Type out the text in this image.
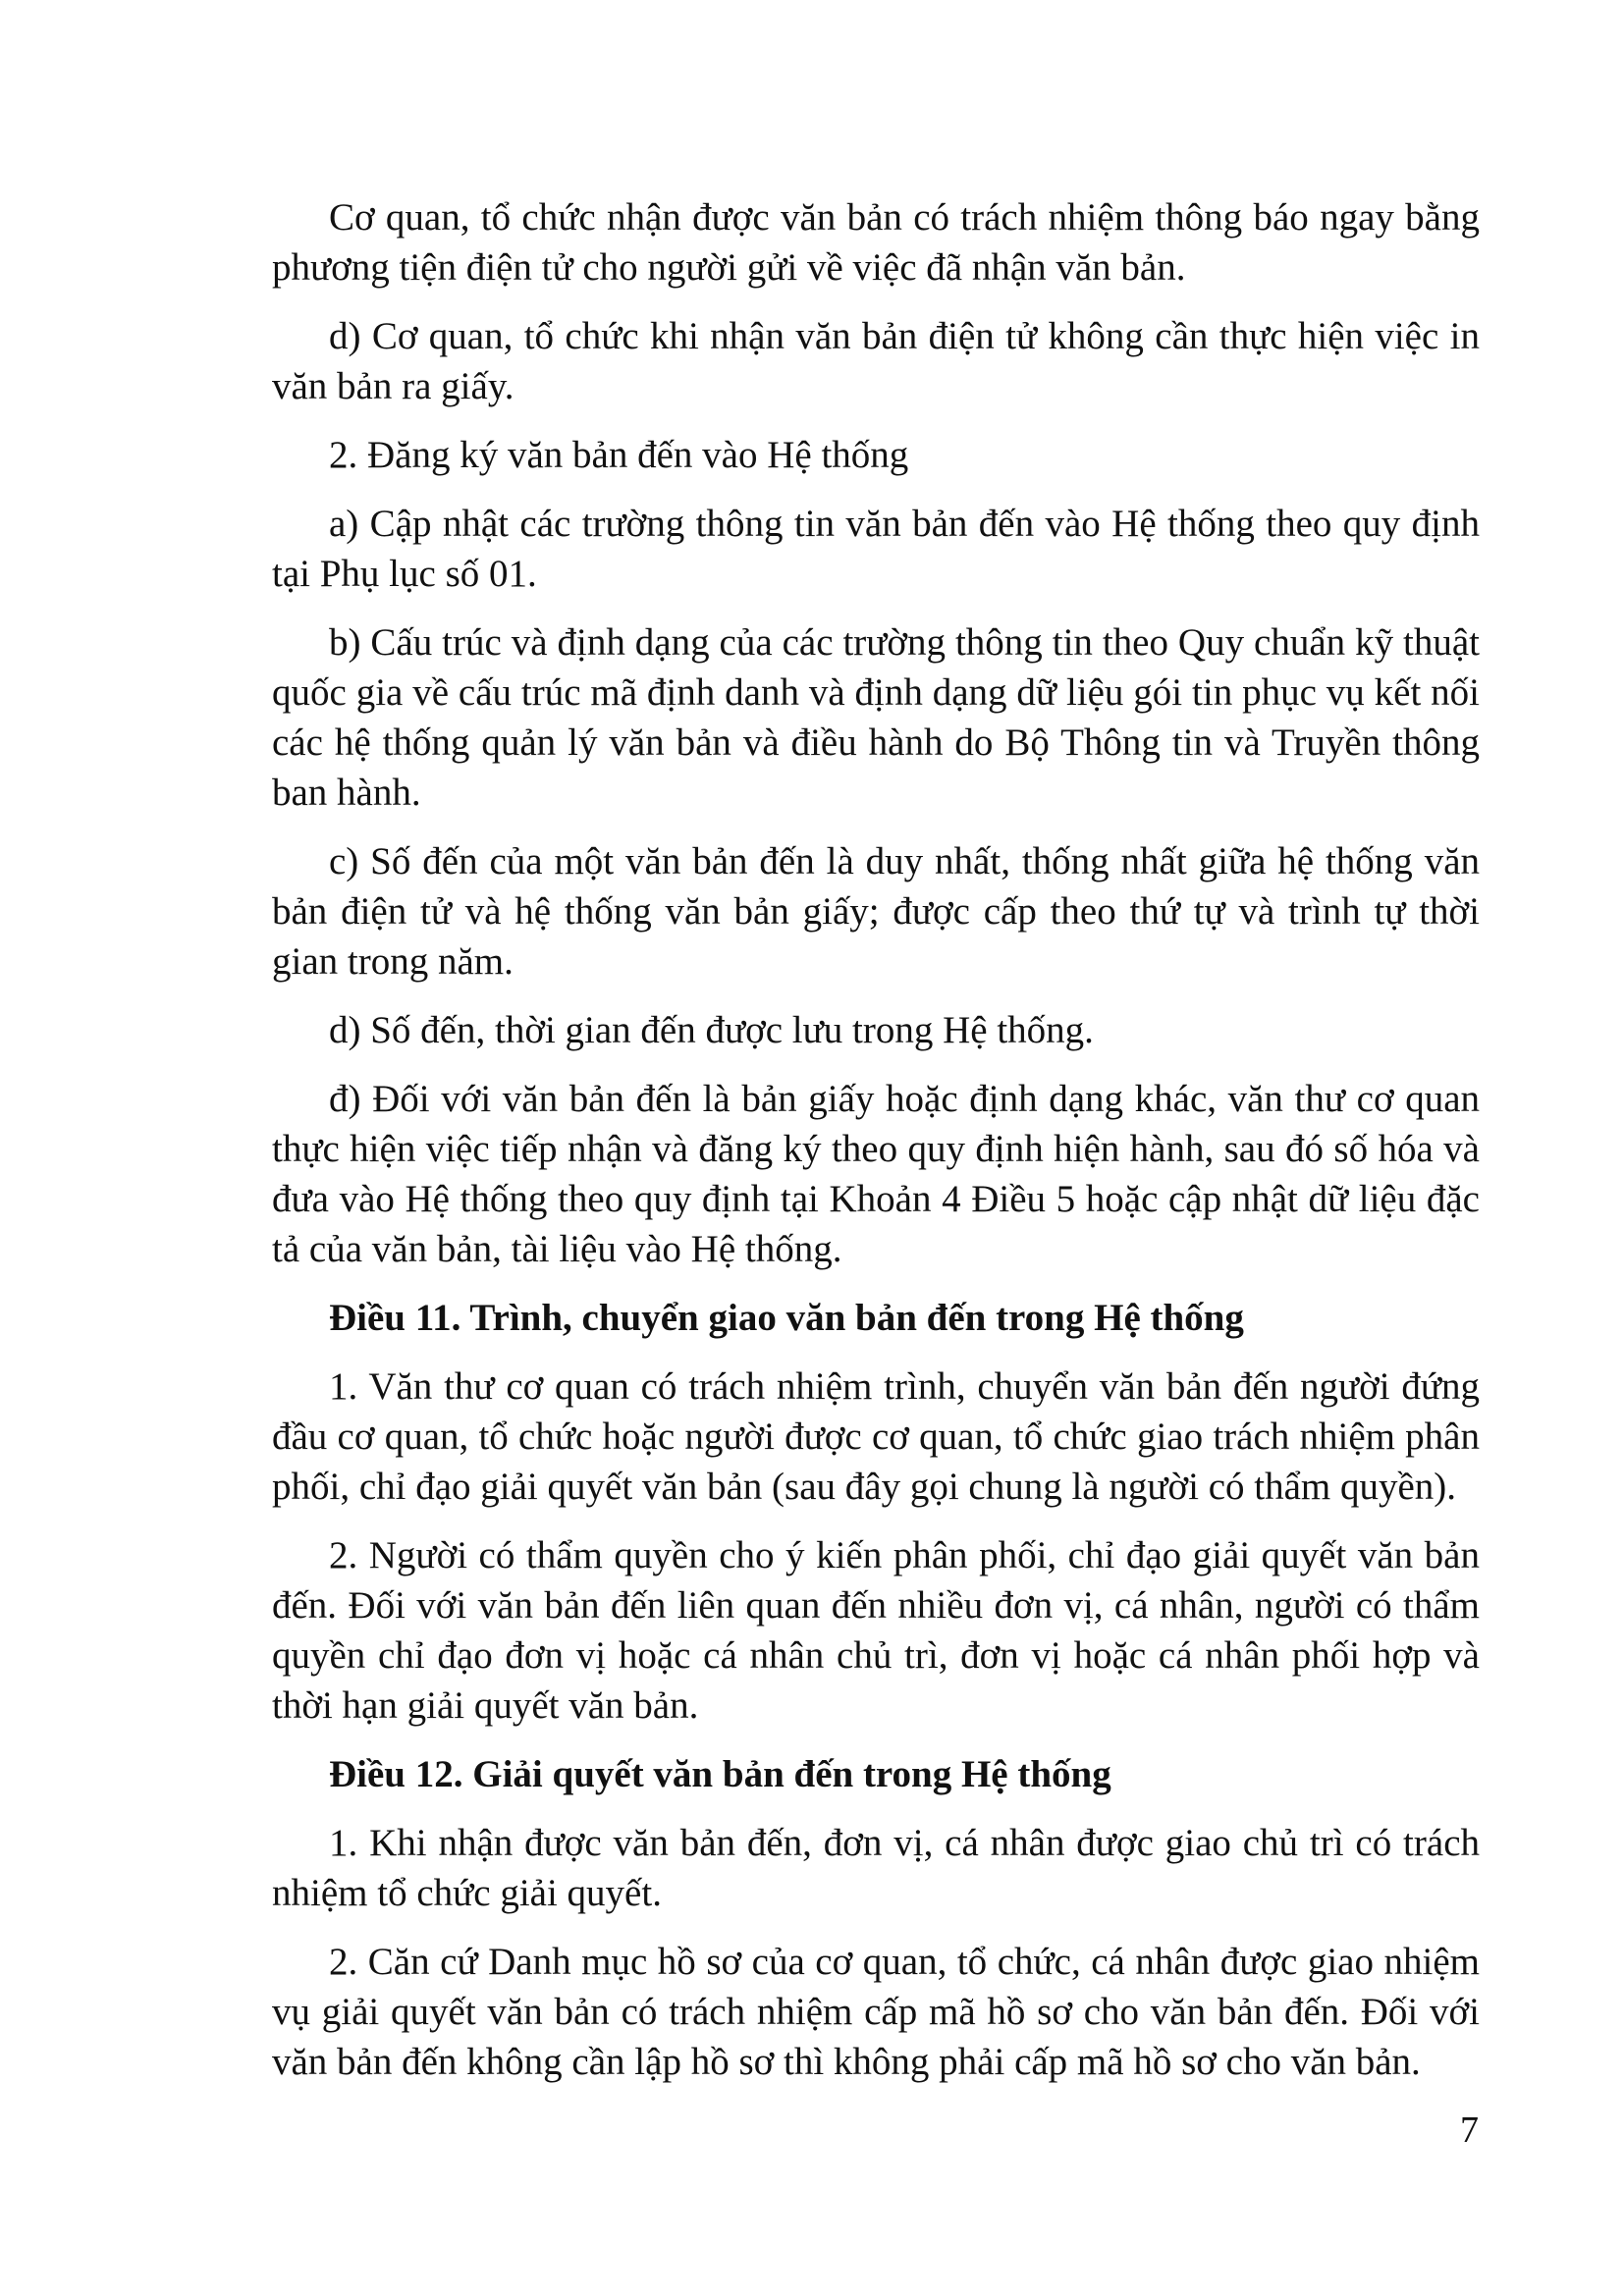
Cơ quan, tổ chức nhận được văn bản có trách nhiệm thông báo ngay bằng phương tiện điện tử cho người gửi về việc đã nhận văn bản.

d) Cơ quan, tổ chức khi nhận văn bản điện tử không cần thực hiện việc in văn bản ra giấy.

2. Đăng ký văn bản đến vào Hệ thống

a) Cập nhật các trường thông tin văn bản đến vào Hệ thống theo quy định tại Phụ lục số 01.

b) Cấu trúc và định dạng của các trường thông tin theo Quy chuẩn kỹ thuật quốc gia về cấu trúc mã định danh và định dạng dữ liệu gói tin phục vụ kết nối các hệ thống quản lý văn bản và điều hành do Bộ Thông tin và Truyền thông ban hành.

c) Số đến của một văn bản đến là duy nhất, thống nhất giữa hệ thống văn bản điện tử và hệ thống văn bản giấy; được cấp theo thứ tự và trình tự thời gian trong năm.

d) Số đến, thời gian đến được lưu trong Hệ thống.

đ) Đối với văn bản đến là bản giấy hoặc định dạng khác, văn thư cơ quan thực hiện việc tiếp nhận và đăng ký theo quy định hiện hành, sau đó số hóa và đưa vào Hệ thống theo quy định tại Khoản 4 Điều 5 hoặc cập nhật dữ liệu đặc tả của văn bản, tài liệu vào Hệ thống.

Điều 11. Trình, chuyển giao văn bản đến trong Hệ thống

1. Văn thư cơ quan có trách nhiệm trình, chuyển văn bản đến người đứng đầu cơ quan, tổ chức hoặc người được cơ quan, tổ chức giao trách nhiệm phân phối, chỉ đạo giải quyết văn bản (sau đây gọi chung là người có thẩm quyền).

2. Người có thẩm quyền cho ý kiến phân phối, chỉ đạo giải quyết văn bản đến. Đối với văn bản đến liên quan đến nhiều đơn vị, cá nhân, người có thẩm quyền chỉ đạo đơn vị hoặc cá nhân chủ trì, đơn vị hoặc cá nhân phối hợp và thời hạn giải quyết văn bản.

Điều 12. Giải quyết văn bản đến trong Hệ thống

1. Khi nhận được văn bản đến, đơn vị, cá nhân được giao chủ trì có trách nhiệm tổ chức giải quyết.

2. Căn cứ Danh mục hồ sơ của cơ quan, tổ chức, cá nhân được giao nhiệm vụ giải quyết văn bản có trách nhiệm cấp mã hồ sơ cho văn bản đến. Đối với văn bản đến không cần lập hồ sơ thì không phải cấp mã hồ sơ cho văn bản.

7
